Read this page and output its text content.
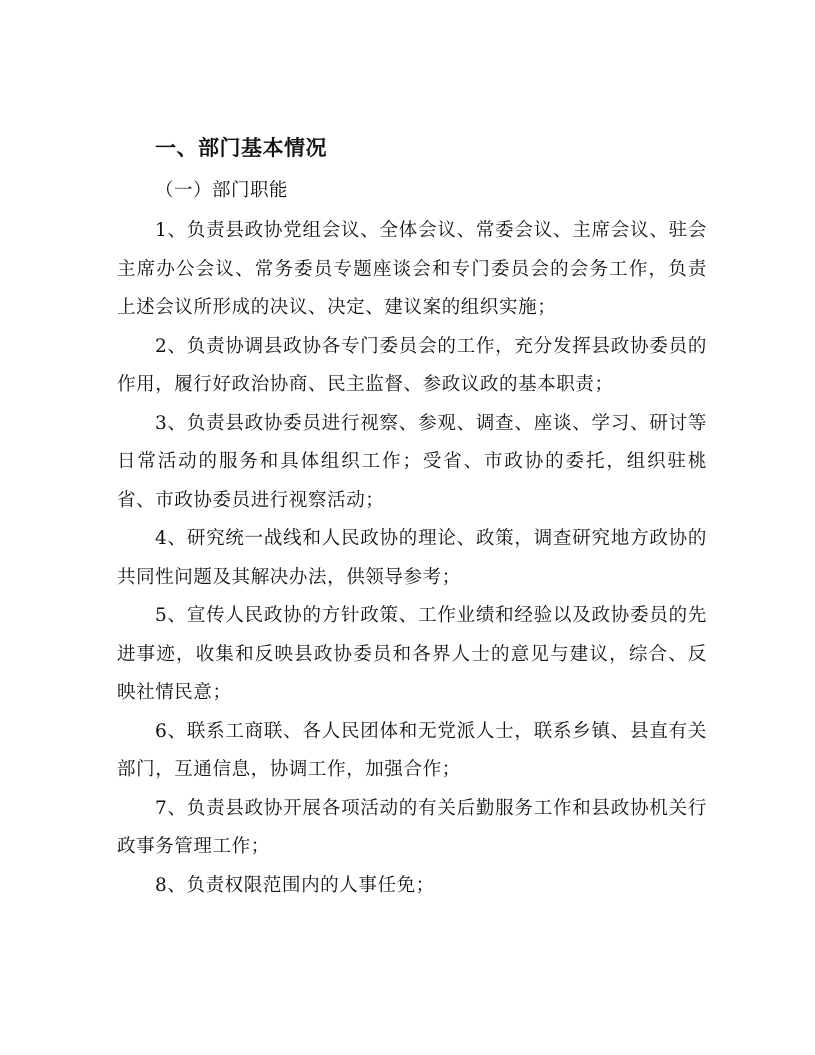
一、部门基本情况
（一）部门职能

1、负责县政协党组会议、全体会议、常委会议、主席会议、驻会主席办公会议、常务委员专题座谈会和专门委员会的会务工作，负责上述会议所形成的决议、决定、建议案的组织实施；

2、负责协调县政协各专门委员会的工作，充分发挥县政协委员的作用，履行好政治协商、民主监督、参政议政的基本职责；

3、负责县政协委员进行视察、参观、调查、座谈、学习、研讨等日常活动的服务和具体组织工作；受省、市政协的委托，组织驻桃省、市政协委员进行视察活动；

4、研究统一战线和人民政协的理论、政策，调查研究地方政协的共同性问题及其解决办法，供领导参考；

5、宣传人民政协的方针政策、工作业绩和经验以及政协委员的先进事迹，收集和反映县政协委员和各界人士的意见与建议，综合、反映社情民意；

6、联系工商联、各人民团体和无党派人士，联系乡镇、县直有关部门，互通信息，协调工作，加强合作；

7、负责县政协开展各项活动的有关后勤服务工作和县政协机关行政事务管理工作；

8、负责权限范围内的人事任免；
